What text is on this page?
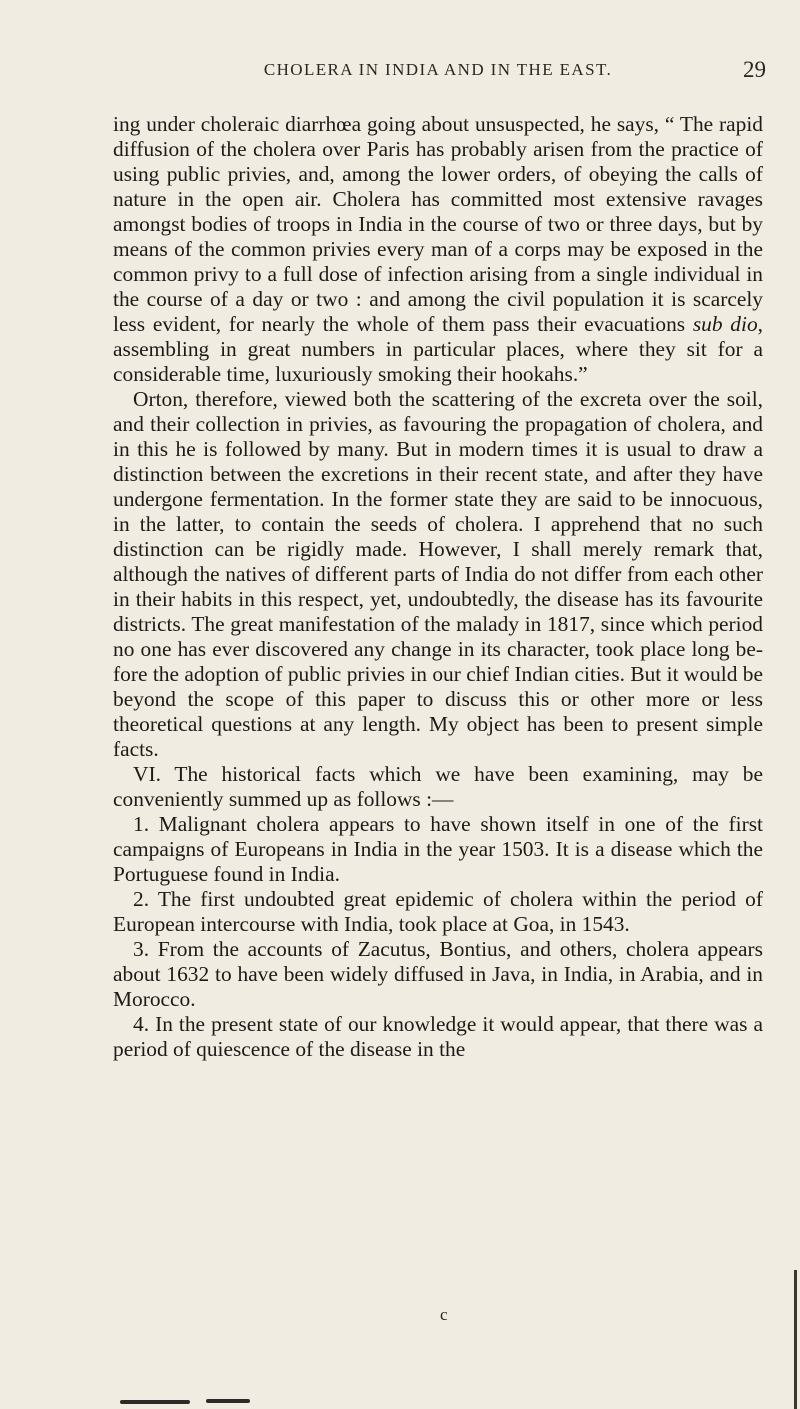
CHOLERA IN INDIA AND IN THE EAST.	29

ing under choleraic diarrhœa going about unsuspected, he says, “ The rapid diffusion of the cholera over Paris has probably arisen from the practice of using public privies, and, among the lower orders, of obeying the calls of nature in the open air. Cholera has committed most extensive ravages amongst bodies of troops in India in the course of two or three days, but by means of the common privies every man of a corps may be exposed in the common privy to a full dose of infection arising from a single individual in the course of a day or two : and among the civil population it is scarcely less evident, for nearly the whole of them pass their evacuations sub dio, assembling in great numbers in particular places, where they sit for a considerable time, luxuriously smoking their hookahs.”

Orton, therefore, viewed both the scattering of the excreta over the soil, and their collection in privies, as favouring the propagation of cholera, and in this he is followed by many. But in modern times it is usual to draw a distinction between the excretions in their recent state, and after they have undergone fermentation. In the former state they are said to be innocuous, in the latter, to contain the seeds of cholera. I apprehend that no such distinction can be rigidly made. However, I shall merely remark that, although the natives of different parts of India do not differ from each other in their habits in this respect, yet, undoubtedly, the disease has its favourite districts. The great manifestation of the malady in 1817, since which period no one has ever discovered any change in its character, took place long before the adoption of public privies in our chief Indian cities. But it would be beyond the scope of this paper to discuss this or other more or less theoretical questions at any length. My object has been to present simple facts.

VI. The historical facts which we have been examining, may be conveniently summed up as follows :—

1. Malignant cholera appears to have shown itself in one of the first campaigns of Europeans in India in the year 1503. It is a disease which the Portuguese found in India.

2. The first undoubted great epidemic of cholera within the period of European intercourse with India, took place at Goa, in 1543.

3. From the accounts of Zacutus, Bontius, and others, cholera appears about 1632 to have been widely diffused in Java, in India, in Arabia, and in Morocco.

4. In the present state of our knowledge it would appear, that there was a period of quiescence of the disease in the

c
